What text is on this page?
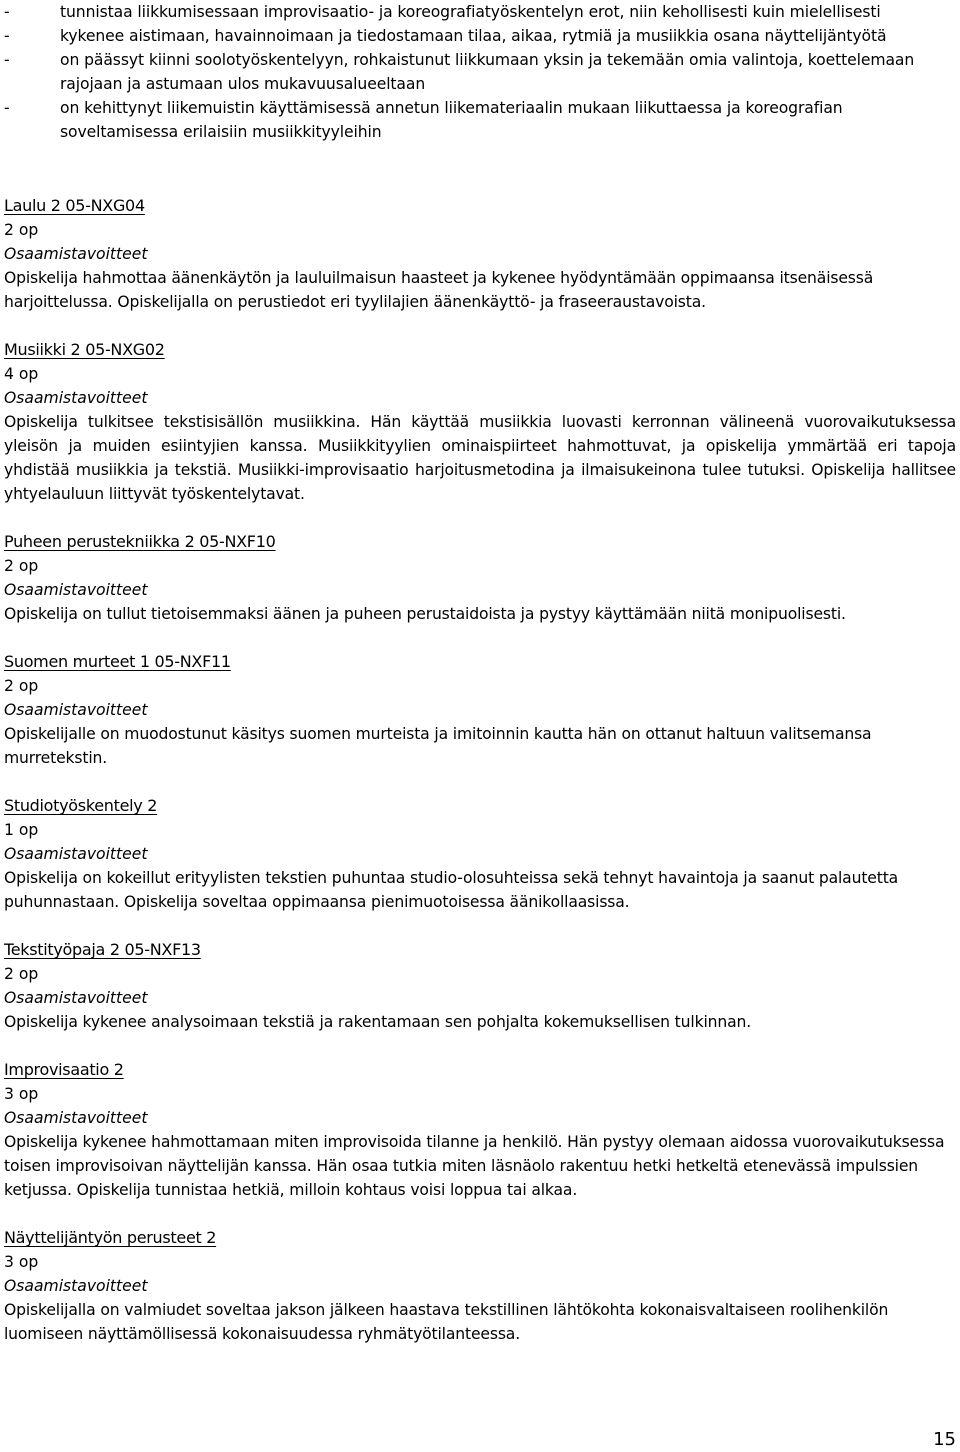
-	tunnistaa liikkumisessaan improvisaatio- ja koreografiatyöskentelyn erot, niin kehollisesti kuin mielellisesti
-	kykenee aistimaan, havainnoimaan ja tiedostamaan tilaa, aikaa, rytmiä ja musiikkia osana näyttelijäntyötä
-	on päässyt kiinni soolotyöskentelyyn, rohkaistunut liikkumaan yksin ja tekemään omia valintoja, koettelemaan rajojaan ja astumaan ulos mukavuusalueeltaan
-	on kehittynyt liikemuistin käyttämisessä annetun liikemateriaalin mukaan liikuttaessa ja koreografian soveltamisessa erilaisiin musiikkityyleihin
Laulu 2 05-NXG04
2 op
Osaamistavoitteet

Opiskelija hahmottaa äänenkäytön ja lauluilmaisun haasteet ja kykenee hyödyntämään oppimaansa itsenäisessä harjoittelussa. Opiskelijalla on perustiedot eri tyylilajien äänenkäyttö- ja fraseeraustavoista.

Musiikki 2 05-NXG02
4 op
Osaamistavoitteet

Opiskelija tulkitsee tekstisisällön musiikkina. Hän käyttää musiikkia luovasti kerronnan välineenä vuorovaikutuksessa yleisön ja muiden esiintyjien kanssa. Musiikkityylien ominaispiirteet hahmottuvat, ja opiskelija ymmärtää eri tapoja yhdistää musiikkia ja tekstiä. Musiikki-improvisaatio harjoitusmetodina ja ilmaisukeinona tulee tutuksi. Opiskelija hallitsee yhtyelauluun liittyvät työskentelytavat.

Puheen perustekniikka 2 05-NXF10
2 op
Osaamistavoitteet

Opiskelija on tullut tietoisemmaksi äänen ja puheen perustaidoista ja pystyy käyttämään niitä monipuolisesti.

Suomen murteet 1 05-NXF11
2 op
Osaamistavoitteet

Opiskelijalle on muodostunut käsitys suomen murteista ja imitoinnin kautta hän on ottanut haltuun valitsemansa murretekstin.

Studiotyöskentely 2
1 op
Osaamistavoitteet

Opiskelija on kokeillut erityylisten tekstien puhuntaa studio-olosuhteissa sekä tehnyt havaintoja ja saanut palautetta puhunnastaan. Opiskelija soveltaa oppimaansa pienimuotoisessa äänikollaasissa.

Tekstityöpaja 2 05-NXF13
2 op
Osaamistavoitteet

Opiskelija kykenee analysoimaan tekstiä ja rakentamaan sen pohjalta kokemuksellisen tulkinnan.

Improvisaatio 2
3 op
Osaamistavoitteet

Opiskelija kykenee hahmottamaan miten improvisoida tilanne ja henkilö. Hän pystyy olemaan aidossa vuorovaikutuksessa toisen improvisoivan näyttelijän kanssa. Hän osaa tutkia miten läsnäolo rakentuu hetki hetkeltä etenevässä impulssien ketjussa. Opiskelija tunnistaa hetkiä, milloin kohtaus voisi loppua tai alkaa.

Näyttelijäntyön perusteet 2
3 op
Osaamistavoitteet

Opiskelijalla on valmiudet soveltaa jakson jälkeen haastava tekstillinen lähtökohta kokonaisvaltaiseen roolihenkilön luomiseen näyttämöllisessä kokonaisuudessa ryhmätyötilanteessa.

15
